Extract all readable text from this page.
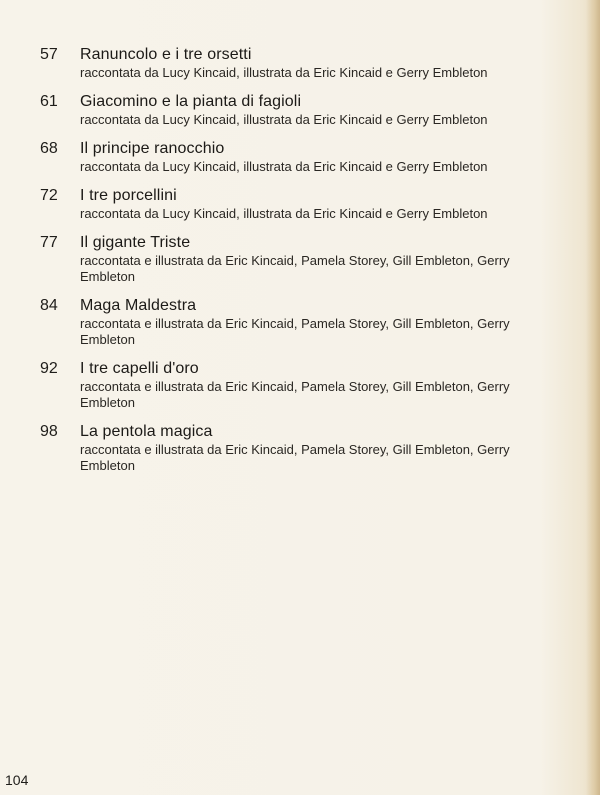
57	Ranuncolo e i tre orsetti
raccontata da Lucy Kincaid, illustrata da Eric Kincaid e Gerry Embleton
61	Giacomino e la pianta di fagioli
raccontata da Lucy Kincaid, illustrata da Eric Kincaid e Gerry Embleton
68	Il principe ranocchio
raccontata da Lucy Kincaid, illustrata da Eric Kincaid e Gerry Embleton
72	I tre porcellini
raccontata da Lucy Kincaid, illustrata da Eric Kincaid e Gerry Embleton
77	Il gigante Triste
raccontata e illustrata da Eric Kincaid, Pamela Storey, Gill Embleton, Gerry Embleton
84	Maga Maldestra
raccontata e illustrata da Eric Kincaid, Pamela Storey, Gill Embleton, Gerry Embleton
92	I tre capelli d'oro
raccontata e illustrata da Eric Kincaid, Pamela Storey, Gill Embleton, Gerry Embleton
98	La pentola magica
raccontata e illustrata da Eric Kincaid, Pamela Storey, Gill Embleton, Gerry Embleton
104
